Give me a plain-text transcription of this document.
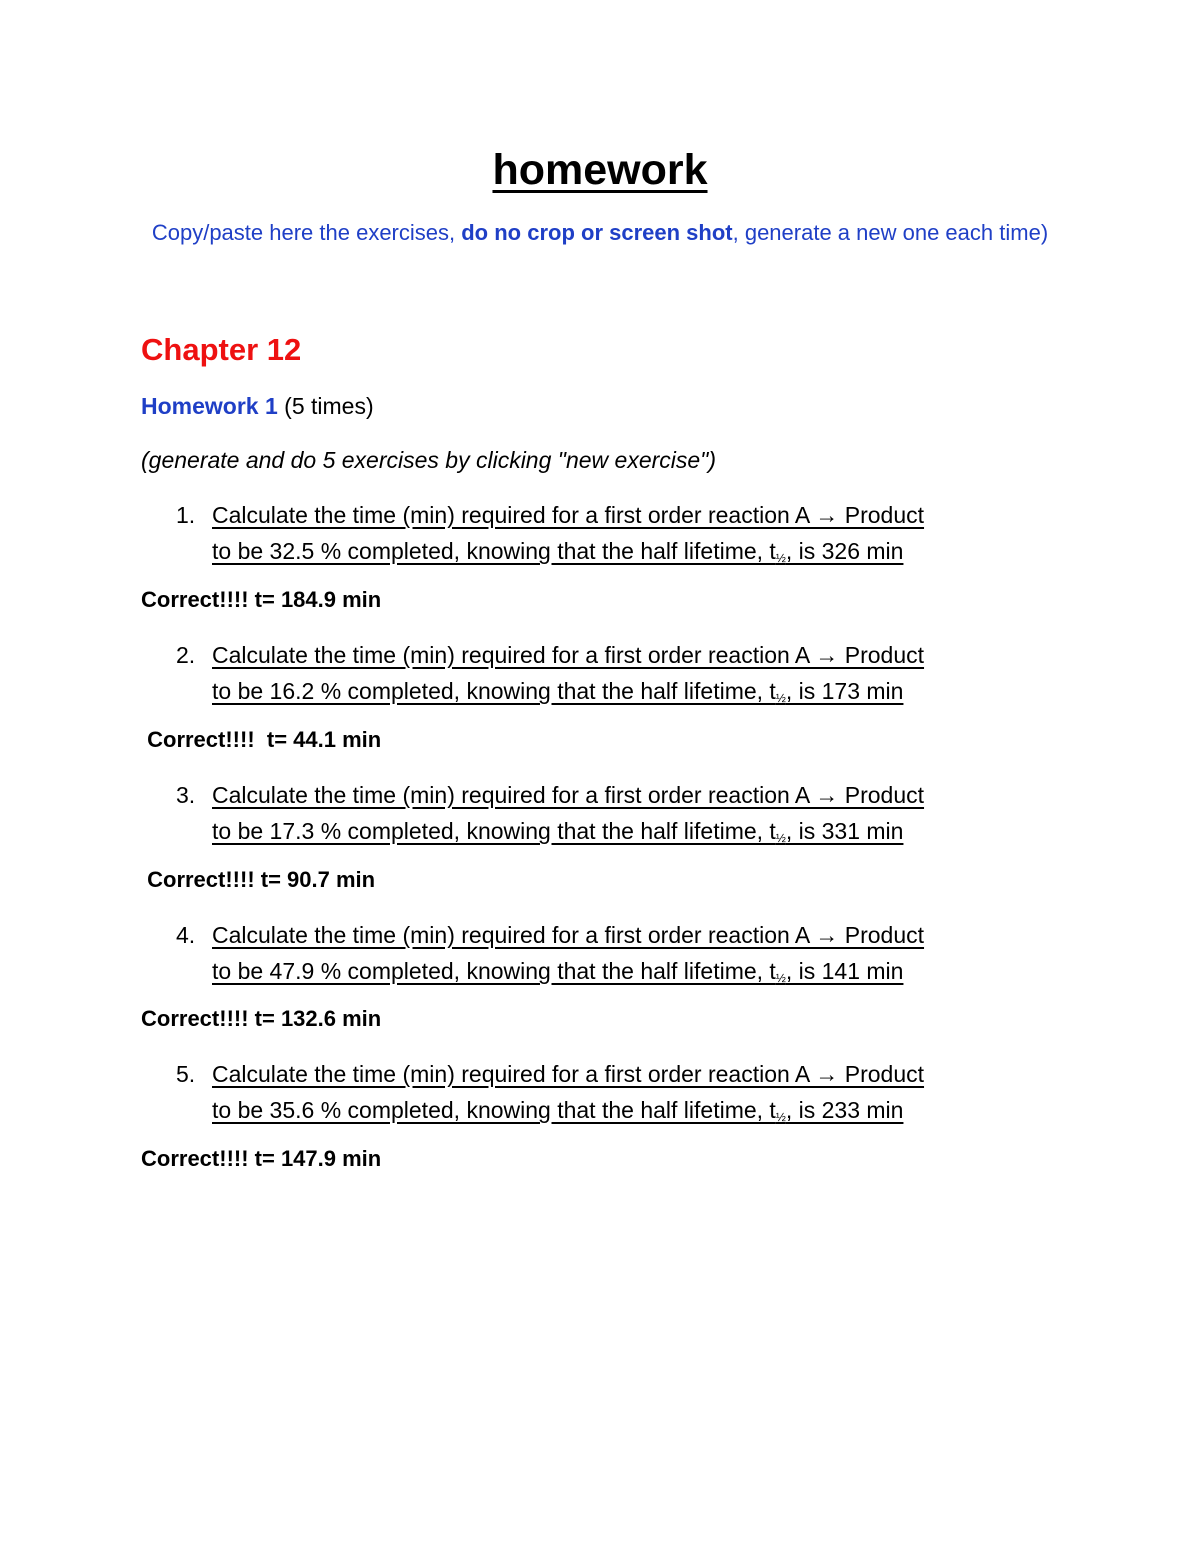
homework
Copy/paste here the exercises, do no crop or screen shot, generate a new one each time)
Chapter 12
Homework 1 (5 times)
(generate and do 5 exercises by clicking "new exercise")
1. Calculate the time (min) required for a first order reaction A → Product
to be 32.5 % completed, knowing that the half lifetime, $t_{\frac{1}{2}}$, is 326 min
Correct!!!! t= 184.9 min
2. Calculate the time (min) required for a first order reaction A → Product
to be 16.2 % completed, knowing that the half lifetime, $t_{\frac{1}{2}}$, is 173 min
Correct!!!!  t= 44.1 min
3. Calculate the time (min) required for a first order reaction A → Product
to be 17.3 % completed, knowing that the half lifetime, $t_{\frac{1}{2}}$, is 331 min
Correct!!!! t= 90.7 min
4. Calculate the time (min) required for a first order reaction A → Product
to be 47.9 % completed, knowing that the half lifetime, $t_{\frac{1}{2}}$, is 141 min
Correct!!!! t= 132.6 min
5. Calculate the time (min) required for a first order reaction A → Product
to be 35.6 % completed, knowing that the half lifetime, $t_{\frac{1}{2}}$, is 233 min
Correct!!!! t= 147.9 min
